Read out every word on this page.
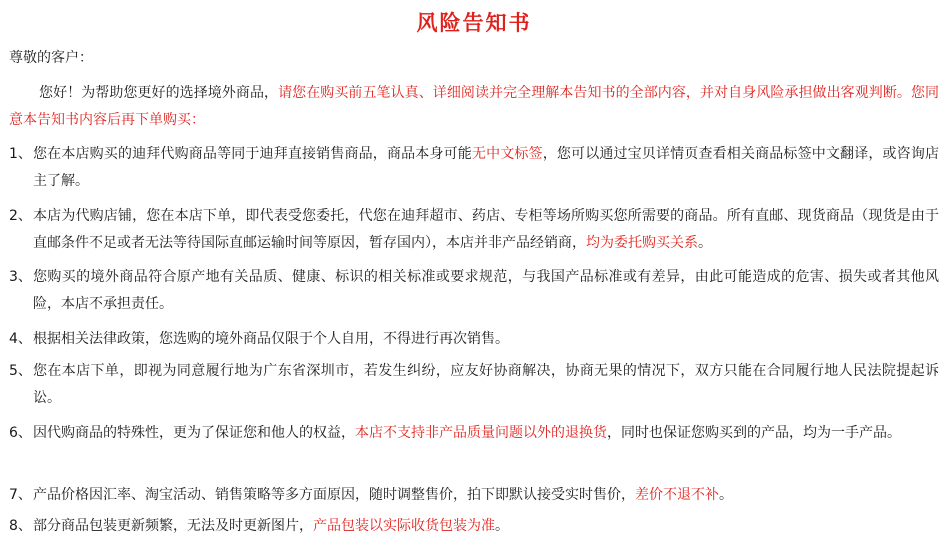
风险告知书
尊敬的客户：
您好！为帮助您更好的选择境外商品，请您在购买前五笔认真、详细阅读并完全理解本告知书的全部内容，并对自身风险承担做出客观判断。您同意本告知书内容后再下单购买：
1、 您在本店购买的迪拜代购商品等同于迪拜直接销售商品，商品本身可能无中文标签，您可以通过宝贝详情页查看相关商品标签中文翻译，或咨询店主了解。
2、 本店为代购店铺，您在本店下单，即代表受您委托，代您在迪拜超市、药店、专柜等场所购买您所需要的商品。所有直邮、现货商品（现货是由于直邮条件不足或者无法等待国际直邮运输时间等原因，暂存国内），本店并非产品经销商，均为委托购买关系。
3、 您购买的境外商品符合原产地有关品质、健康、标识的相关标准或要求规范，与我国产品标准或有差异，由此可能造成的危害、损失或者其他风险，本店不承担责任。
4、 根据相关法律政策，您选购的境外商品仅限于个人自用，不得进行再次销售。
5、 您在本店下单，即视为同意履行地为广东省深圳市，若发生纠纷，应友好协商解决，协商无果的情况下，双方只能在合同履行地人民法院提起诉讼。
6、 因代购商品的特殊性，更为了保证您和他人的权益，本店不支持非产品质量问题以外的退换货，同时也保证您购买到的产品，均为一手产品。
7、 产品价格因汇率、淘宝活动、销售策略等多方面原因，随时调整售价，拍下即默认接受实时售价，差价不退不补。
8、 部分商品包装更新频繁，无法及时更新图片，产品包装以实际收货包装为准。
